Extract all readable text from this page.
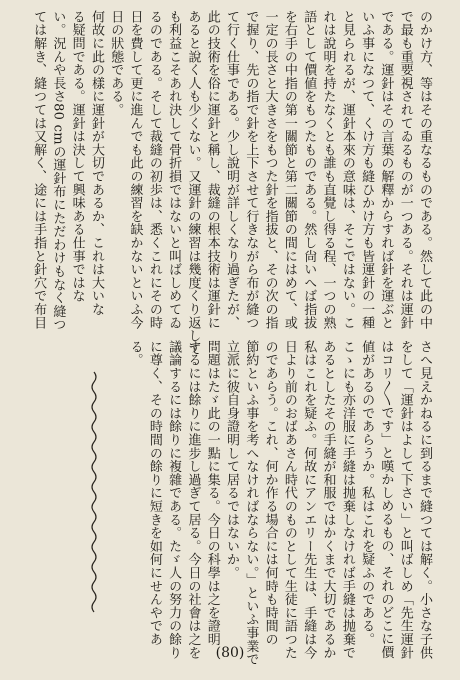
のかけ方、等はその重なるものである。然して此の中

で最も重要視されてゐるものが一つある。それは運針

である。運針はその言葉の解釋からすれば針を運ぶと

いふ事になつて、くけ方も縫ひかけ方も皆運針の一種

と見られるが、運針本來の意味は、そこではない。こ

れは說明を持たなくとも誰も直覺し得る程、一つの熟

語として價値をもつたものである。然し尙いへば指拔

を右手の中指の第一關節と第二關節の間にはめて、或

一定の長さと大きさをもつた針を指拔と、その次の指

で握り、先の指で針を上下させて行きながら布が縫つ

て行く仕事である。少し說明が詳しくなり過ぎたが、

此の技術を俗に運針と稱し、裁縫の根本技術は運針に

あると說く人も少くない。又運針の練習は幾度くり返して

も利益こそあれ決して骨折損ではないと叫ばしめてゐ

るのである。そして裁縫の初歩は、悉くこれにその時

日を費して更に進んでも此の練習を缺かないといふ今

日の狀態である。

何故に此の樣に運針が大切であるか、これは大いな

る疑問である。運針は決して興味ある仕事ではな

い。況んや長さ80 cmの運針布にただわけもなく縫つ

ては解き、縫つては又解く、途には手指と針穴で布目

さへ見えかねるに到るまで縫つては解く。小さな子供

をして「運針はよして下さい」と叫ばしめ「先生運針

はコリ〳〵です」と嘆かしめるもの、それのどこに價

値があるのであらうか。私はこれを疑ふのである。

こゝにも亦洋服に手縫は抛棄しなければ手縫は抛棄で

あるとしたその手縫が和服ではかくまで大切であるか

私はこれを疑ふ。何故にアンエリー先生は、手縫は今

日より前のおばあさん時代のものとして生徒に語つた

のであらう。これ、何か作る場合には何時も時間の

節約といふ事を考へなければならない。」といふ事業で

立派に彼自身證明して居るではないか。

問題はたゞ此の一點に集る。今日の科學は之を證明

するには餘りに進步し過ぎて居る。今日の社會は之を

議論するには餘りに複雜である。たゞ人の努力の餘り

に尊く、その時間の餘りに短きを如何にせんやであ

る。

(80)
